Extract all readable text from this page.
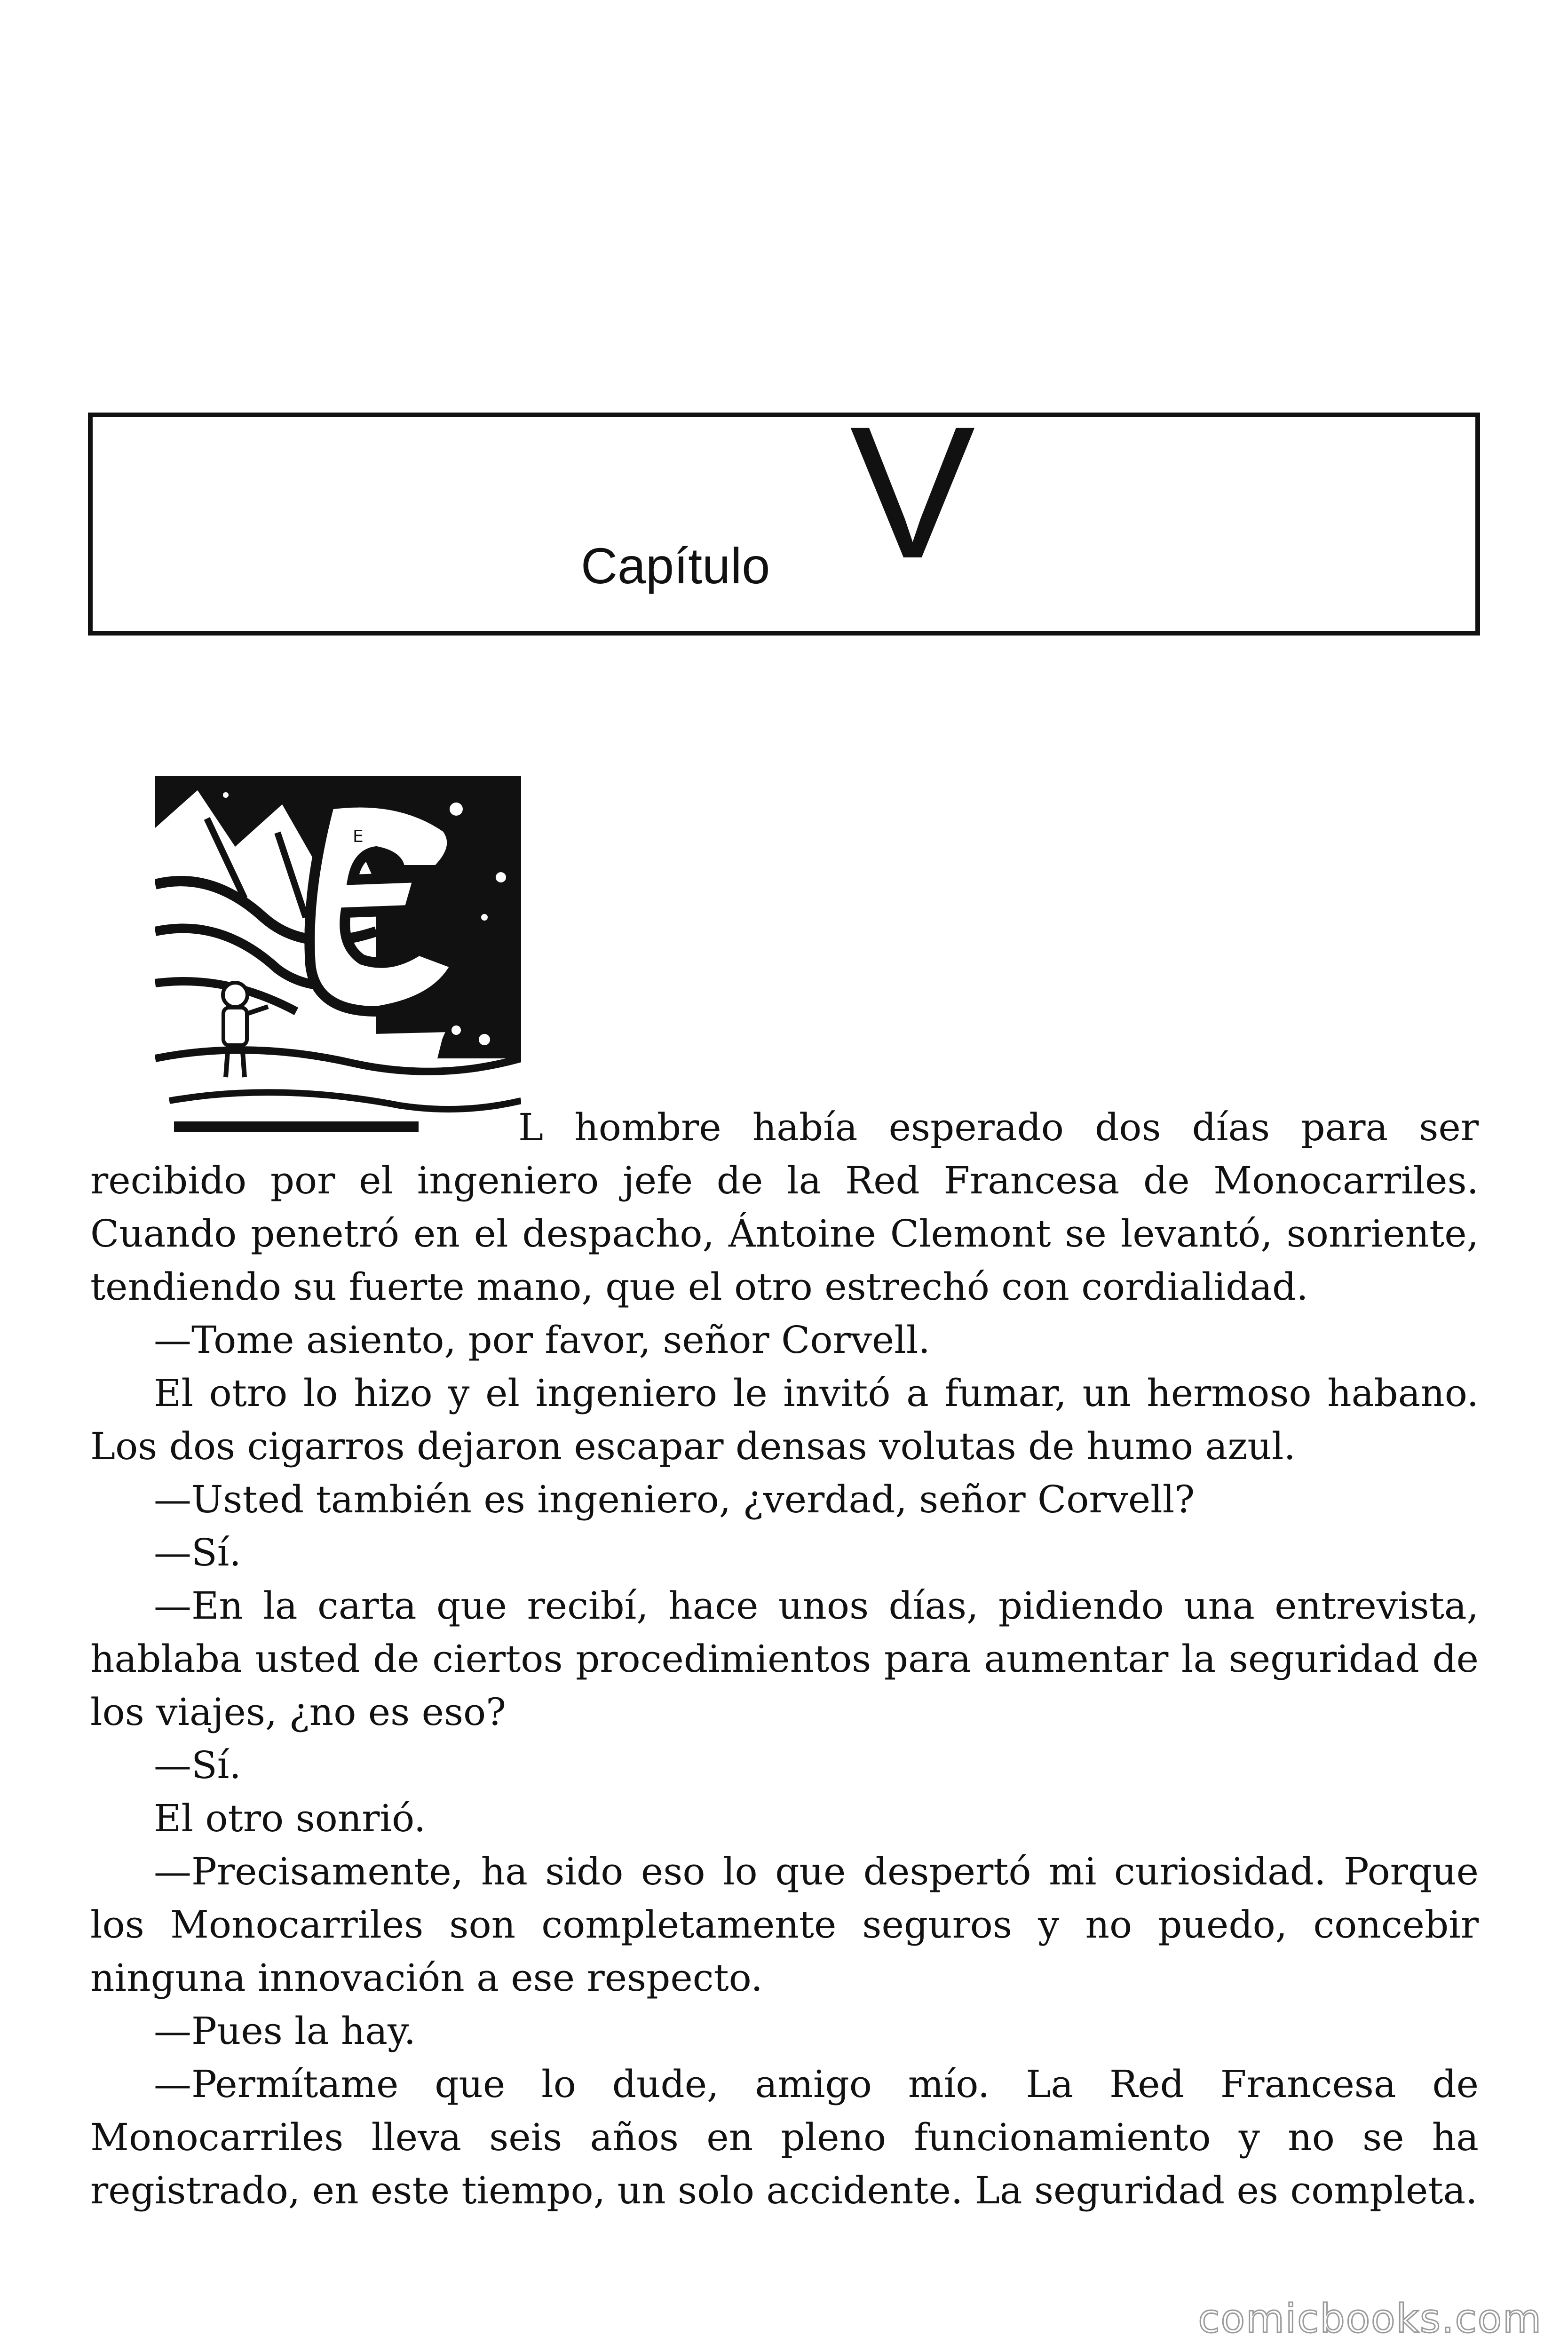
Capítulo V
E

L hombre había esperado dos días para ser recibido por el ingeniero jefe de la Red Francesa de Monocarriles. Cuando penetró en el despacho, Ántoine Clemont se levantó, sonriente, tendiendo su fuerte mano, que el otro estrechó con cordialidad.

—Tome asiento, por favor, señor Corvell.

El otro lo hizo y el ingeniero le invitó a fumar, un hermoso habano. Los dos cigarros dejaron escapar densas volutas de humo azul.

—Usted también es ingeniero, ¿verdad, señor Corvell?

—Sí.

—En la carta que recibí, hace unos días, pidiendo una entrevista, hablaba usted de ciertos procedimientos para aumentar la seguridad de los viajes, ¿no es eso?

—Sí.

El otro sonrió.

—Precisamente, ha sido eso lo que despertó mi curiosidad. Porque los Monocarriles son completamente seguros y no puedo, concebir ninguna innovación a ese respecto.

—Pues la hay.

—Permítame que lo dude, amigo mío. La Red Francesa de Monocarriles lleva seis años en pleno funcionamiento y no se ha registrado, en este tiempo, un solo accidente. La seguridad es completa.

comicbooks.com
